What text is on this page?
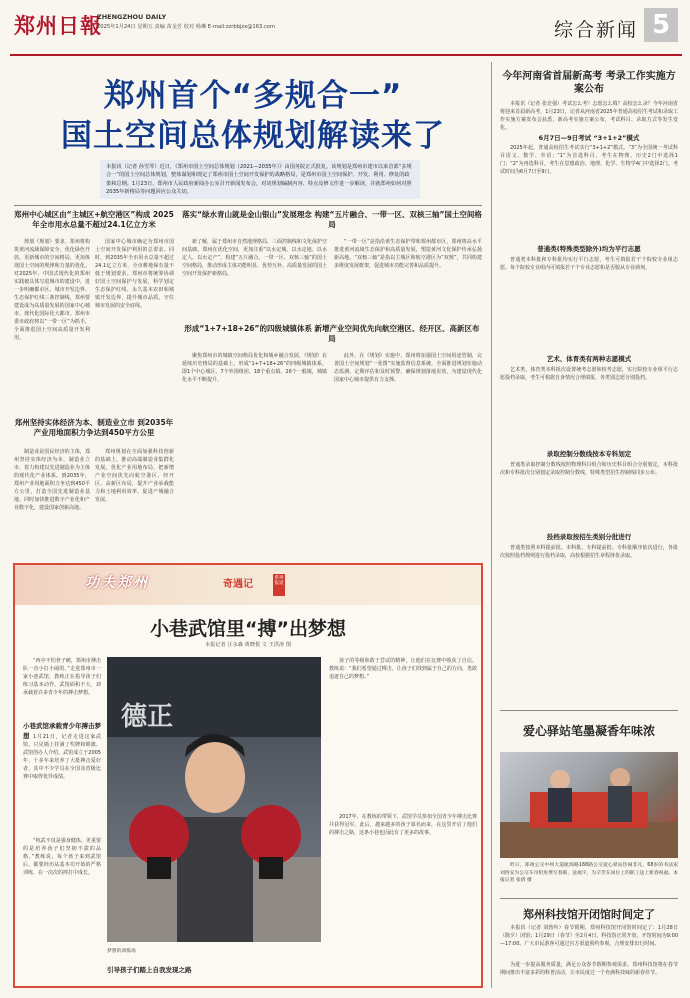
郑州日報
ZHENGZHOU DAILY
2025年1月24日 星期五 责编 苗金芳 校对 杨琳 E-mail:zzrbbjzx@163.com	综合新闻 5
郑州首个“多规合一”
国土空间总体规划解读来了
本报讯（记者 孙雪琴）近日，《郑州市国土空间总体规划（2021—2035年）》由国务院正式批复。该规划是郑州市建市以来首部“多规合一”的国土空间总体规划，整体谋划和规定了郑州市国土空间开发保护的战略格局，是郑州市国土空间保护、开发、利用、修复的政策和总纲。1月23日，郑州市人民政府新闻办公室召开新闻发布会，对该规划编制内容、特点及修文作进一步解读，并就郑州如何对照2035年新格局等问题回应公众关切。
郑州中心城区由“主城区+航空港区”构成 2025年全市用水总量不超过24.1亿立方米

规划《规划》要求，郑州将构筑黄河流域保障安全、优化绿色开放、更新城市的空间格局，更加体现国土空间的规律和力量的优化。对2025年、中国式现代化的郑州实践被具体写进城市的建设中。进一步明确都市区、城市开发边界、生态保护红线三条控制线，郑州要建设成为高质量发展的国家中心城市、现代化国际化大都市。郑州市委市政府将以“一带一区”为抓手，全面推进国土空间高质量开发利用。

国家中心城市确定为郑州市国土空间开发保护利用的总要求。同时，到2035年全市用水总量不超过24.1亿立方米，全市耕地保有量不低于规划要求。郑州市将统筹协调好国土空间保护与发展，科学划定生态保护红线、永久基本农田和城镇开发边界，提升城市品质，守住城市发展的安全底线。

落实“绿水青山就是金山银山”发展理念 构建“五片融合、一带一区、双核三轴”国土空间格局

新了解，属于郑州市自然地理格局、三面控制线和文化保护空间基础，郑州在优化空间，更加注重“以水定城、以水定地、以水定人、以水定产”，构建“五片融合、一带一区、双核三轴”的国土空间格局，推动形成主体功能明显、优势互补、高质量发展的国土空间开发保护新格局。

“一带一区”是指沿黄生态保护带和郑州都市区，郑州将高水平推进黄河流域生态保护和高质量发展，塑造黄河文化保护传承弘扬新高地。“双核三轴”是指以主城区和航空港区为“双核”，共同构建多维度发展框架，促进城市功能完善和品质提升。

郑州坚持实体经济为本、制造业立市 到2035年产业用地面积力争达到450平方公里

制造业是国民经济的主体，郑州坚持实体经济为本、制造业立市，着力构建以先进制造业为主体的现代化产业体系。到2035年，郑州产业用地面积力争达到450平方公里，打造全国先进制造业基地。同时加快推进数字产业化和产业数字化，建设国家创新高地。

郑州规划在全面加强科技创新的基础上，推动高端制造业集群化发展，优化产业用地布局，把新增产业空间优先向航空港区、经开区、高新区布局，提升产业承载能力和土地利用效率，促进产城融合发展。

形成“1+7+18+26”的四级城镇体系 新增产业空间优先向航空港区、经开区、高新区布局

聚焦郑州市的城镇空间格局优化和城乡融合发展，《规划》在延续历史格局的基础上，形成“1+7+18+26”的四级城镇体系，即1个中心城区、7个外围组团、18个重点镇、26个一般镇，城镇化水平不断提升。

此外，在《规划》实施中，郑州将加强国土空间用途管制，完善国土空间规划“一张图”实施监督信息系统，全面推进规划实施动态监测、定期评估和及时预警，确保规划落地见效，为建设现代化国家中心城市提供有力支撑。

功夫郑州	奇遇记
系列报道
小巷武馆里“搏”出梦想
本报记者 汪永森 黄晓悦 文 王洪涛 图

“西亭不怕骨子硬，郑州市搏击队一直小打小闹的。”走进郑州市一家小巷武馆，教练正在指导孩子们练习基本动作。武馆面积不大，却承载着许多青少年的搏击梦想。

小巷武馆承载青少年搏击梦想 1月21日，记者走进这家武馆，只见墙上挂满了奖牌和锦旗。武馆创办人介绍，武馆成立于2005年，十多年来培养了大批搏击爱好者，其中不少学员在全国及省级比赛中取得优异成绩。

“练武不仅是强身健体，更重要的是培养孩子们坚韧不拔的品格。”教练说，每个孩子来到武馆后，都要经历从基本功开始的严格训练，在一次次的摔打中成长。

德正
梦想的训练场
引导孩子们踏上自我发现之路

孩子的等级和敢于尝试的精神，让他们在比赛中收获了自信。教练说：“我们希望通过搏击，让孩子们找到属于自己的方向，勇敢追逐自己的梦想。”

2017年，在教练的带领下，武馆学员参加全国青少年搏击比赛并获得冠军。此后，越来越多的孩子慕名而来，在这里开启了他们的搏击之路，这条小巷也因此有了更多的故事。

今年河南省首届新高考 考录工作实施方案公布

本报讯（记者 张竞强）考试怎么考？志愿怎么填？高校怎么录？今年河南省将迎来首届新高考，1月23日，记者从河南省2025年普通高校招生考试和录取工作实施方案发布会获悉，新高考实施方案公布，考试科目、录取方式等发生变化。

6月7日—9日考试 “3+1+2”模式

2025年起，普通高校招生考试实行“3+1+2”模式。“3”为全国统一考试科目语文、数学、外语；“1”为首选科目，考生在物理、历史2门中选择1门；“2”为再选科目，考生在思想政治、地理、化学、生物学4门中选择2门。考试时间为6月7日至9日。

普通类(特殊类型除外)均为平行志愿

普通类本科批和专科批均实行平行志愿，考生可填报若干个院校专业组志愿，每个院校专业组内可填报若干个专业志愿和是否服从专业调剂。

艺术、体育类有两种志愿模式

艺术类、体育类本科批次设置统考志愿和校考志愿，实行院校专业组平行志愿投档录取，考生可根据自身情况合理填报，各类别志愿分别投档。

录取控制分数线按本专科划定

普通类录取控制分数线按照物理科目组合和历史科目组合分别划定，本科批次和专科批次分别划定录取控制分数线，特殊类型招生控制线同步公布。

投档录取按招生类别分批进行

普通类按照本科提前批、本科批、专科提前批、专科批顺序依次进行，各批次按照投档规则进行投档录取，高校根据招生章程择优录取。

爱心驿站笔墨凝香年味浓

昨日，郑州公交中州大道航海路168路公交爱心驿站热闹非凡，68岁的书法家刘西安为公交车司机免费写春联、送福字，为辛苦在岗位上的职工送上新春祝福。本报记者 张倩 摄

郑州科技馆开闭馆时间定了

本报讯（记者 刘勃吟）春节假期，郑州科技馆开闭馆时间定了：1月28日（除夕）闭馆；1月29日（春节）至2月4日，科技馆正常开放，开馆时间为9:00—17:00。广大市民游客可通过官方渠道预约参观，合理安排出行时间。

为进一步提高服务质量，满足公众春节假期参观需求，郑州科技馆将在春节期间推出丰富多彩的科普活动，让市民度过一个充满科技味的新春佳节。
